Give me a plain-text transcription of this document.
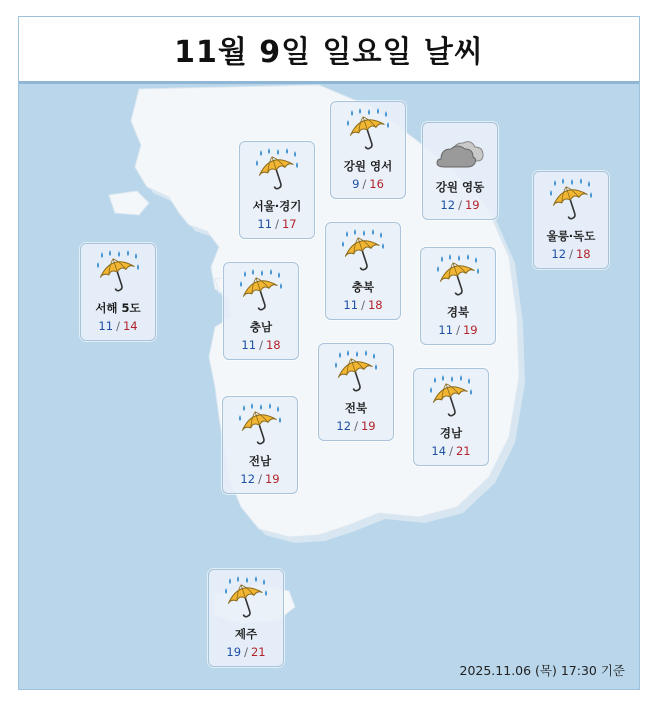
11월 9일 일요일 날씨
강원 영서
9 / 16	강원 영동
12 / 19
서울·경기
11 / 17
울릉·독도
12 / 18
충북
11 / 18
서해 5도
11 / 14	충남
11 / 18
경북
11 / 19
전북
12 / 19	경남
14 / 21
전남
12 / 19
제주
19 / 21
2025.11.06 (목) 17:30 기준
